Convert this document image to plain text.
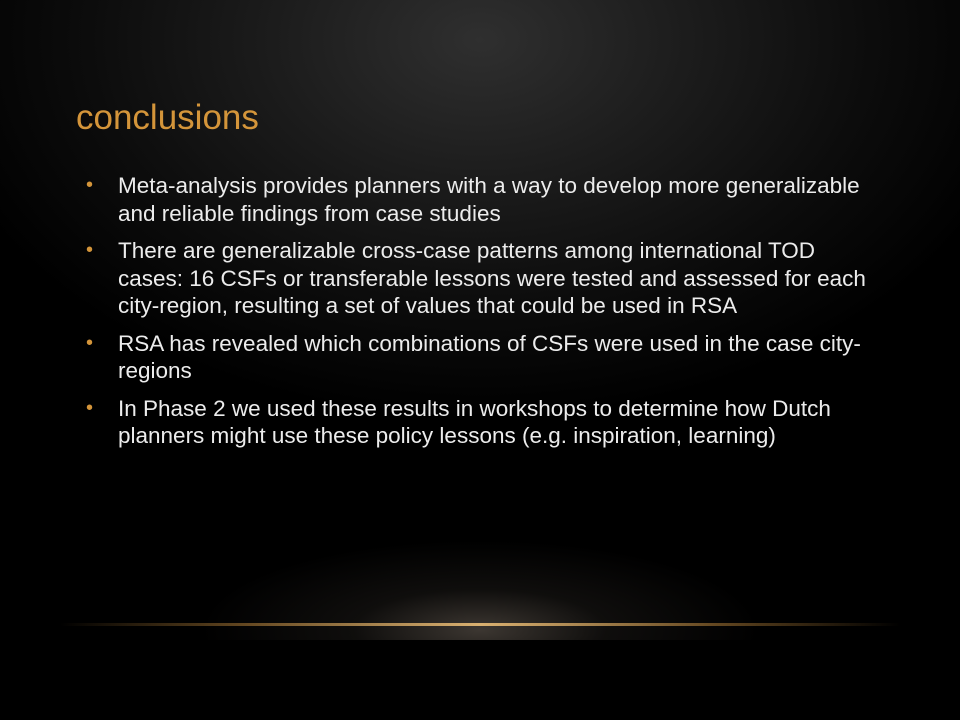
conclusions
• Meta-analysis provides planners with a way to develop more generalizable and reliable findings from case studies
• There are generalizable cross-case patterns among international TOD cases: 16 CSFs or transferable lessons were tested and assessed for each city-region, resulting a set of values that could be used in RSA
• RSA has revealed which combinations of CSFs were used in the case city-regions
• In Phase 2 we used these results in workshops to determine how Dutch planners might use these policy lessons (e.g. inspiration, learning)
